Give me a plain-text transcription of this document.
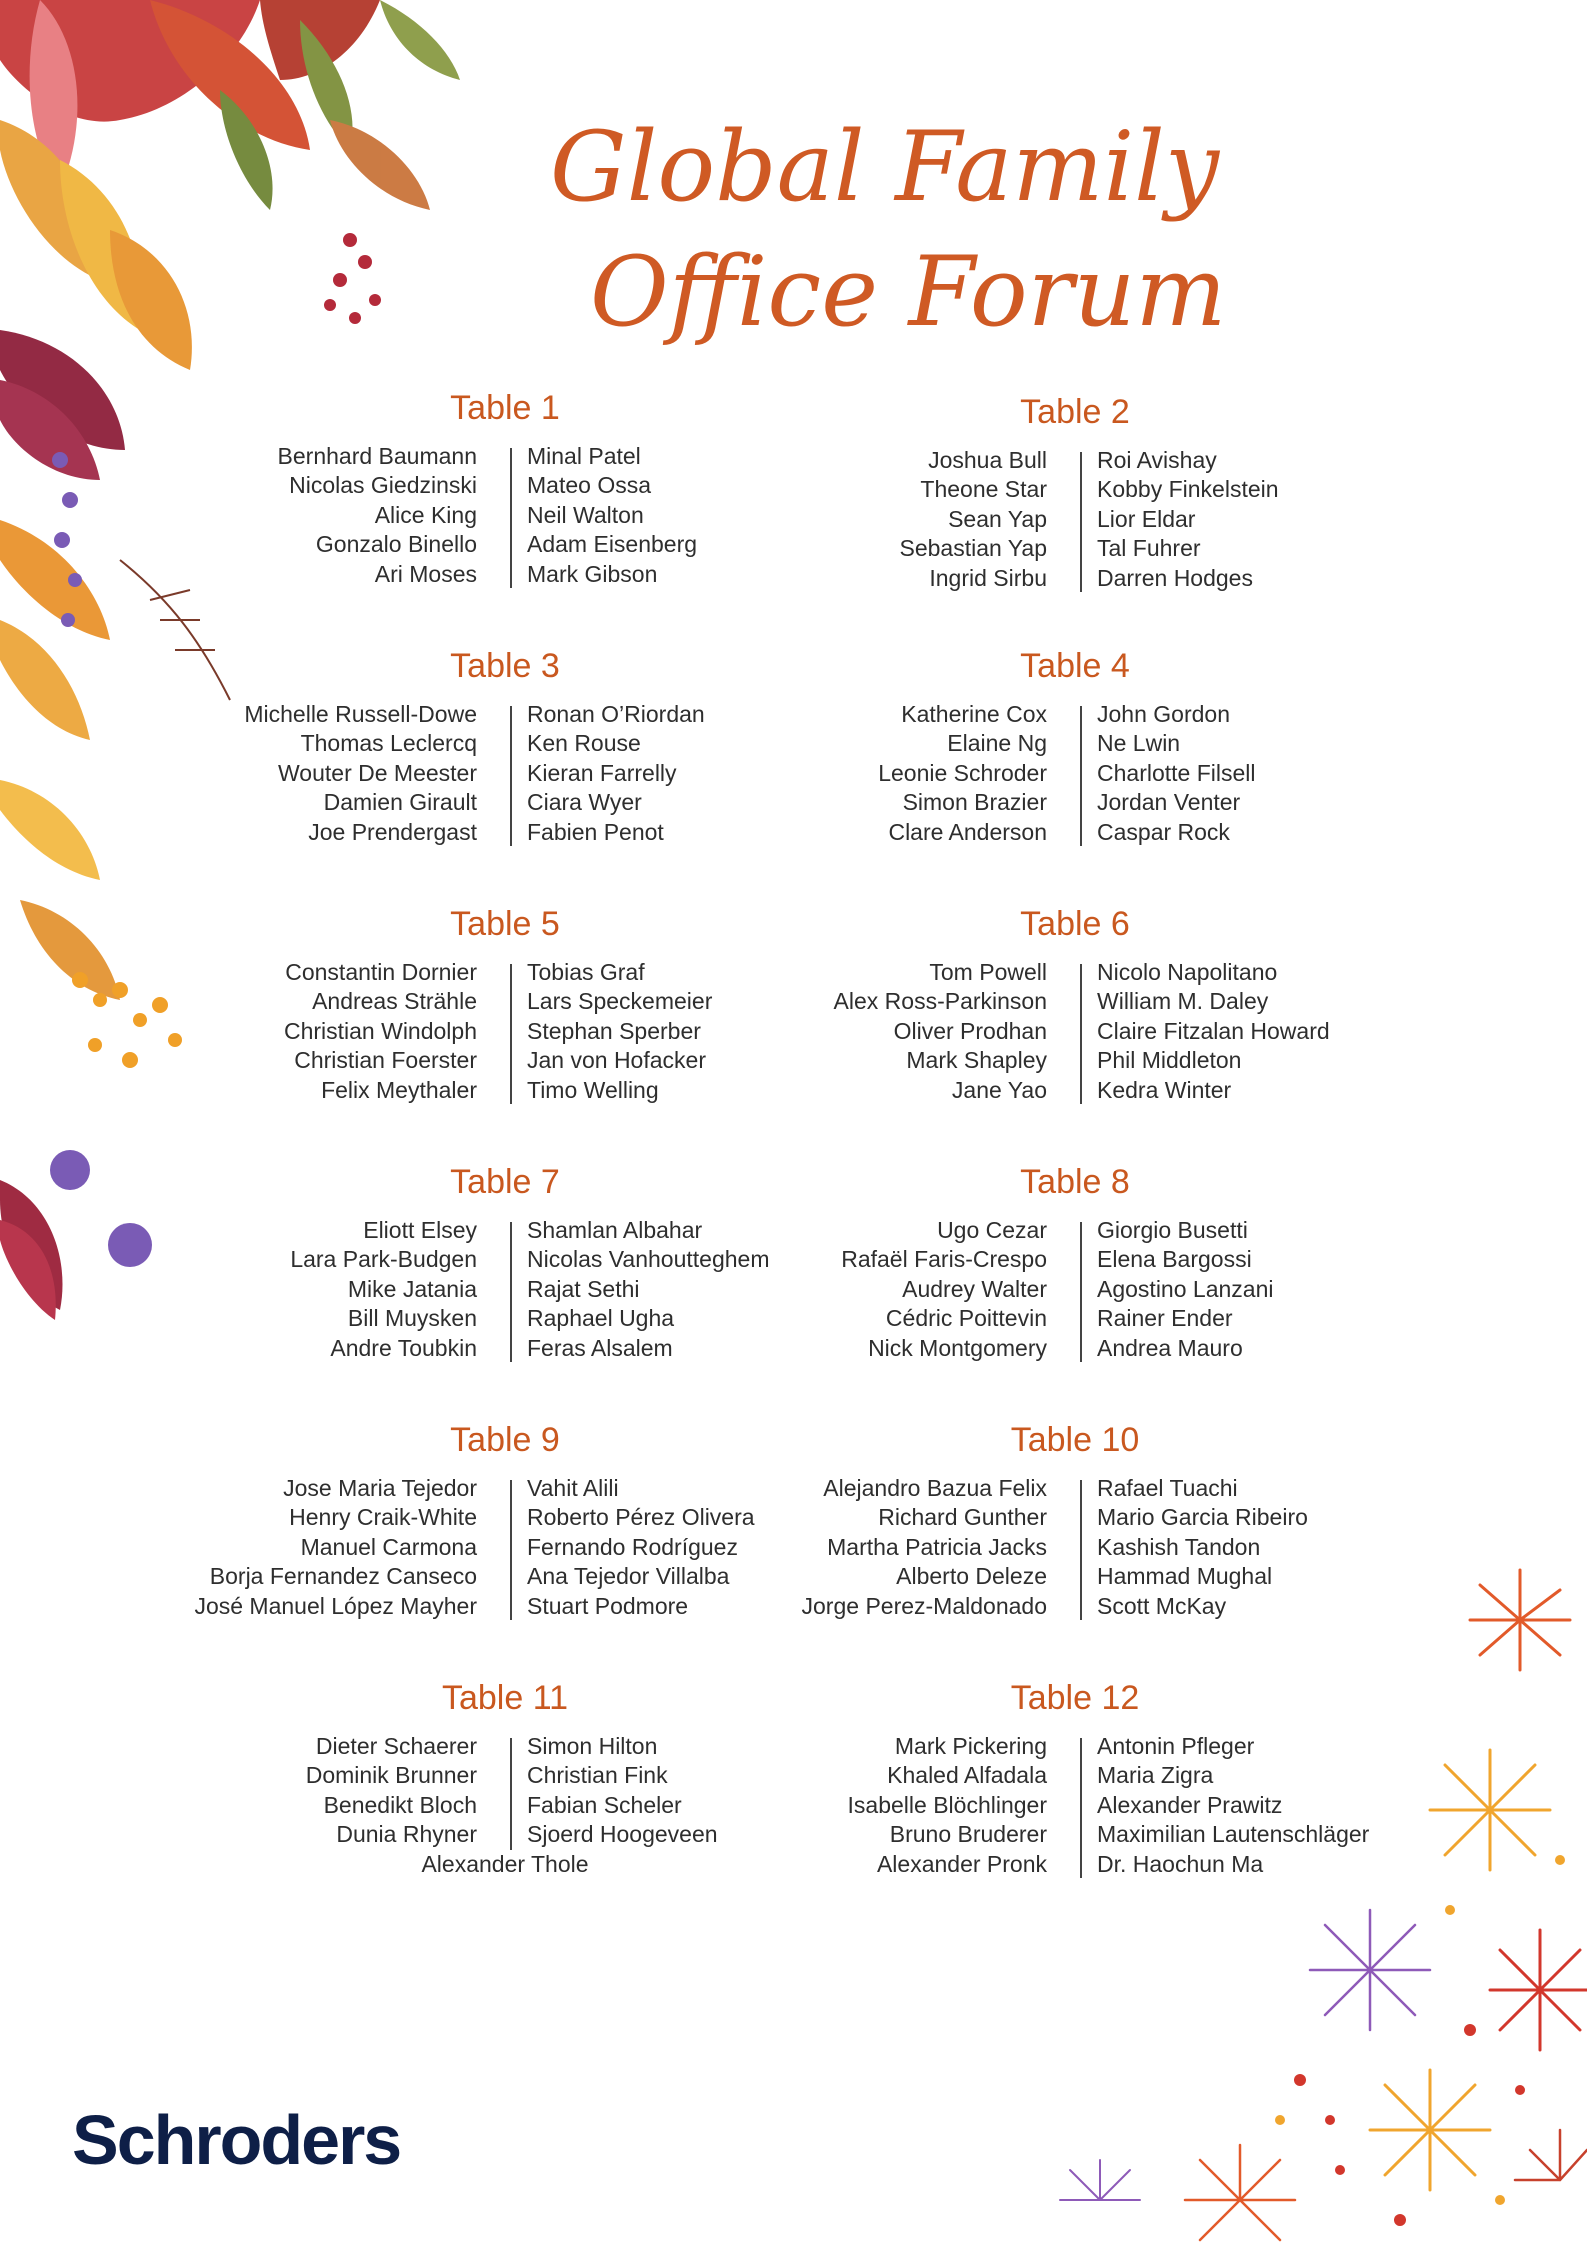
Global Family
Office Forum
Table 1
Bernhard Baumann
Nicolas Giedzinski
Alice King
Gonzalo Binello
Ari Moses
Minal Patel
Mateo Ossa
Neil Walton
Adam Eisenberg
Mark Gibson
Table 2
Joshua Bull
Theone Star
Sean Yap
Sebastian Yap
Ingrid Sirbu
Roi Avishay
Kobby Finkelstein
Lior Eldar
Tal Fuhrer
Darren Hodges
Table 3
Michelle Russell-Dowe
Thomas Leclercq
Wouter De Meester
Damien Girault
Joe Prendergast
Ronan O’Riordan
Ken Rouse
Kieran Farrelly
Ciara Wyer
Fabien Penot
Table 4
Katherine Cox
Elaine Ng
Leonie Schroder
Simon Brazier
Clare Anderson
John Gordon
Ne Lwin
Charlotte Filsell
Jordan Venter
Caspar Rock
Table 5
Constantin Dornier
Andreas Strähle
Christian Windolph
Christian Foerster
Felix Meythaler
Tobias Graf
Lars Speckemeier
Stephan Sperber
Jan von Hofacker
Timo Welling
Table 6
Tom Powell
Alex Ross-Parkinson
Oliver Prodhan
Mark Shapley
Jane Yao
Nicolo Napolitano
William M. Daley
Claire Fitzalan Howard
Phil Middleton
Kedra Winter
Table 7
Eliott Elsey
Lara Park-Budgen
Mike Jatania
Bill Muysken
Andre Toubkin
Shamlan Albahar
Nicolas Vanhoutteghem
Rajat Sethi
Raphael Ugha
Feras Alsalem
Table 8
Ugo Cezar
Rafaël Faris-Crespo
Audrey Walter
Cédric Poittevin
Nick Montgomery
Giorgio Busetti
Elena Bargossi
Agostino Lanzani
Rainer Ender
Andrea Mauro
Table 9
Jose Maria Tejedor
Henry Craik-White
Manuel Carmona
Borja Fernandez Canseco
José Manuel López Mayher
Vahit Alili
Roberto Pérez Olivera
Fernando Rodríguez
Ana Tejedor Villalba
Stuart Podmore
Table 10
Alejandro Bazua Felix
Richard Gunther
Martha Patricia Jacks
Alberto Deleze
Jorge Perez-Maldonado
Rafael Tuachi
Mario Garcia Ribeiro
Kashish Tandon
Hammad Mughal
Scott McKay
Table 11
Dieter Schaerer
Dominik Brunner
Benedikt Bloch
Dunia Rhyner
Simon Hilton
Christian Fink
Fabian Scheler
Sjoerd Hoogeveen
Alexander Thole
Table 12
Mark Pickering
Khaled Alfadala
Isabelle Blöchlinger
Bruno Bruderer
Alexander Pronk
Antonin Pfleger
Maria Zigra
Alexander Prawitz
Maximilian Lautenschläger
Dr. Haochun Ma
Schroders
